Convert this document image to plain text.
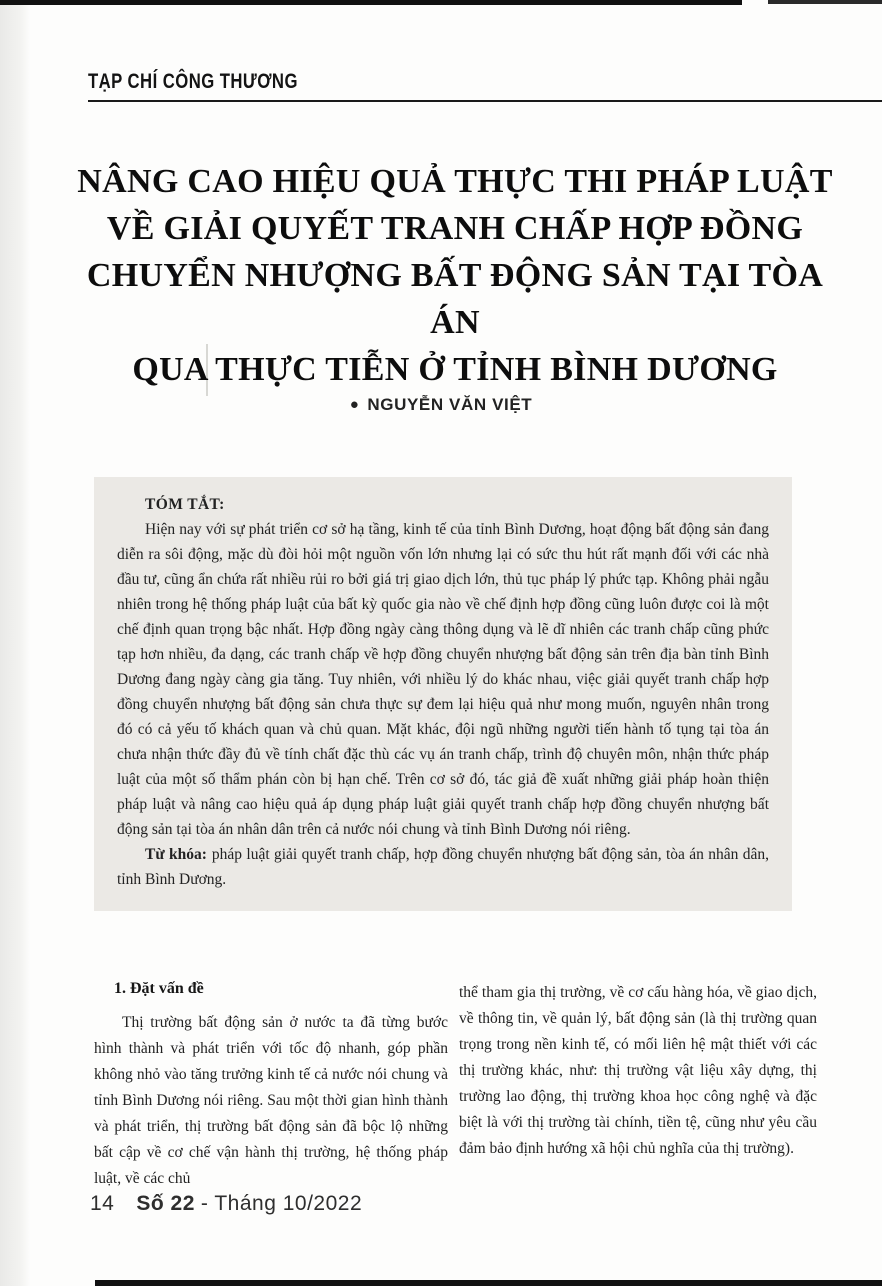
TẠP CHÍ CÔNG THƯƠNG
NÂNG CAO HIỆU QUẢ THỰC THI PHÁP LUẬT
VỀ GIẢI QUYẾT TRANH CHẤP HỢP ĐỒNG
CHUYỂN NHƯỢNG BẤT ĐỘNG SẢN TẠI TÒA ÁN
QUA THỰC TIỄN Ở TỈNH BÌNH DƯƠNG
● NGUYỄN VĂN VIỆT

TÓM TẮT:

Hiện nay với sự phát triển cơ sở hạ tầng, kinh tế của tỉnh Bình Dương, hoạt động bất động sản đang diễn ra sôi động, mặc dù đòi hỏi một nguồn vốn lớn nhưng lại có sức thu hút rất mạnh đối với các nhà đầu tư, cũng ẩn chứa rất nhiều rủi ro bởi giá trị giao dịch lớn, thủ tục pháp lý phức tạp. Không phải ngẫu nhiên trong hệ thống pháp luật của bất kỳ quốc gia nào về chế định hợp đồng cũng luôn được coi là một chế định quan trọng bậc nhất. Hợp đồng ngày càng thông dụng và lẽ dĩ nhiên các tranh chấp cũng phức tạp hơn nhiều, đa dạng, các tranh chấp về hợp đồng chuyển nhượng bất động sản trên địa bàn tỉnh Bình Dương đang ngày càng gia tăng. Tuy nhiên, với nhiều lý do khác nhau, việc giải quyết tranh chấp hợp đồng chuyển nhượng bất động sản chưa thực sự đem lại hiệu quả như mong muốn, nguyên nhân trong đó có cả yếu tố khách quan và chủ quan. Mặt khác, đội ngũ những người tiến hành tố tụng tại tòa án chưa nhận thức đầy đủ về tính chất đặc thù các vụ án tranh chấp, trình độ chuyên môn, nhận thức pháp luật của một số thẩm phán còn bị hạn chế. Trên cơ sở đó, tác giả đề xuất những giải pháp hoàn thiện pháp luật và nâng cao hiệu quả áp dụng pháp luật giải quyết tranh chấp hợp đồng chuyển nhượng bất động sản tại tòa án nhân dân trên cả nước nói chung và tỉnh Bình Dương nói riêng.

Từ khóa: pháp luật giải quyết tranh chấp, hợp đồng chuyển nhượng bất động sản, tòa án nhân dân, tỉnh Bình Dương.

1. Đặt vấn đề

Thị trường bất động sản ở nước ta đã từng bước hình thành và phát triển với tốc độ nhanh, góp phần không nhỏ vào tăng trưởng kinh tế cả nước nói chung và tỉnh Bình Dương nói riêng. Sau một thời gian hình thành và phát triển, thị trường bất động sản đã bộc lộ những bất cập về cơ chế vận hành thị trường, hệ thống pháp luật, về các chủ

thể tham gia thị trường, về cơ cấu hàng hóa, về giao dịch, về thông tin, về quản lý, bất động sản (là thị trường quan trọng trong nền kinh tế, có mối liên hệ mật thiết với các thị trường khác, như: thị trường vật liệu xây dựng, thị trường lao động, thị trường khoa học công nghệ và đặc biệt là với thị trường tài chính, tiền tệ, cũng như yêu cầu đảm bảo định hướng xã hội chủ nghĩa của thị trường).

14 Số 22 - Tháng 10/2022
